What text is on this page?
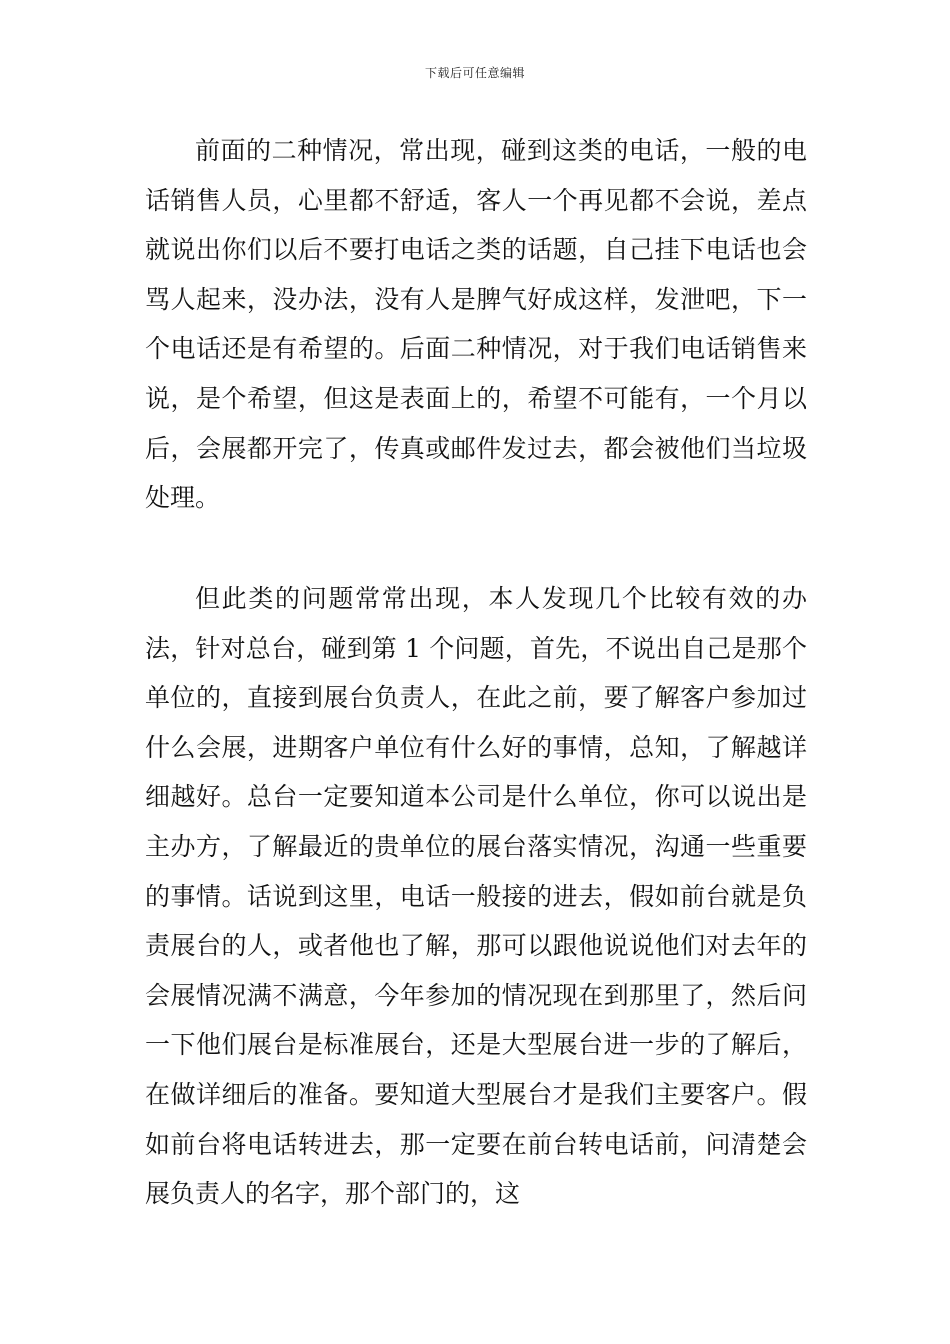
下载后可任意编辑

前面的二种情况，常出现，碰到这类的电话，一般的电话销售人员，心里都不舒适，客人一个再见都不会说，差点就说出你们以后不要打电话之类的话题，自己挂下电话也会骂人起来，没办法，没有人是脾气好成这样，发泄吧，下一个电话还是有希望的。后面二种情况，对于我们电话销售来说，是个希望，但这是表面上的，希望不可能有，一个月以后，会展都开完了，传真或邮件发过去，都会被他们当垃圾处理。

但此类的问题常常出现，本人发现几个比较有效的办法，针对总台，碰到第 1 个问题，首先，不说出自己是那个单位的，直接到展台负责人，在此之前，要了解客户参加过什么会展，进期客户单位有什么好的事情，总知，了解越详细越好。总台一定要知道本公司是什么单位，你可以说出是主办方，了解最近的贵单位的展台落实情况，沟通一些重要的事情。话说到这里，电话一般接的进去，假如前台就是负责展台的人，或者他也了解，那可以跟他说说他们对去年的会展情况满不满意，今年参加的情况现在到那里了，然后问一下他们展台是标准展台，还是大型展台进一步的了解后，在做详细后的准备。要知道大型展台才是我们主要客户。假如前台将电话转进去，那一定要在前台转电话前，问清楚会展负责人的名字，那个部门的，这
